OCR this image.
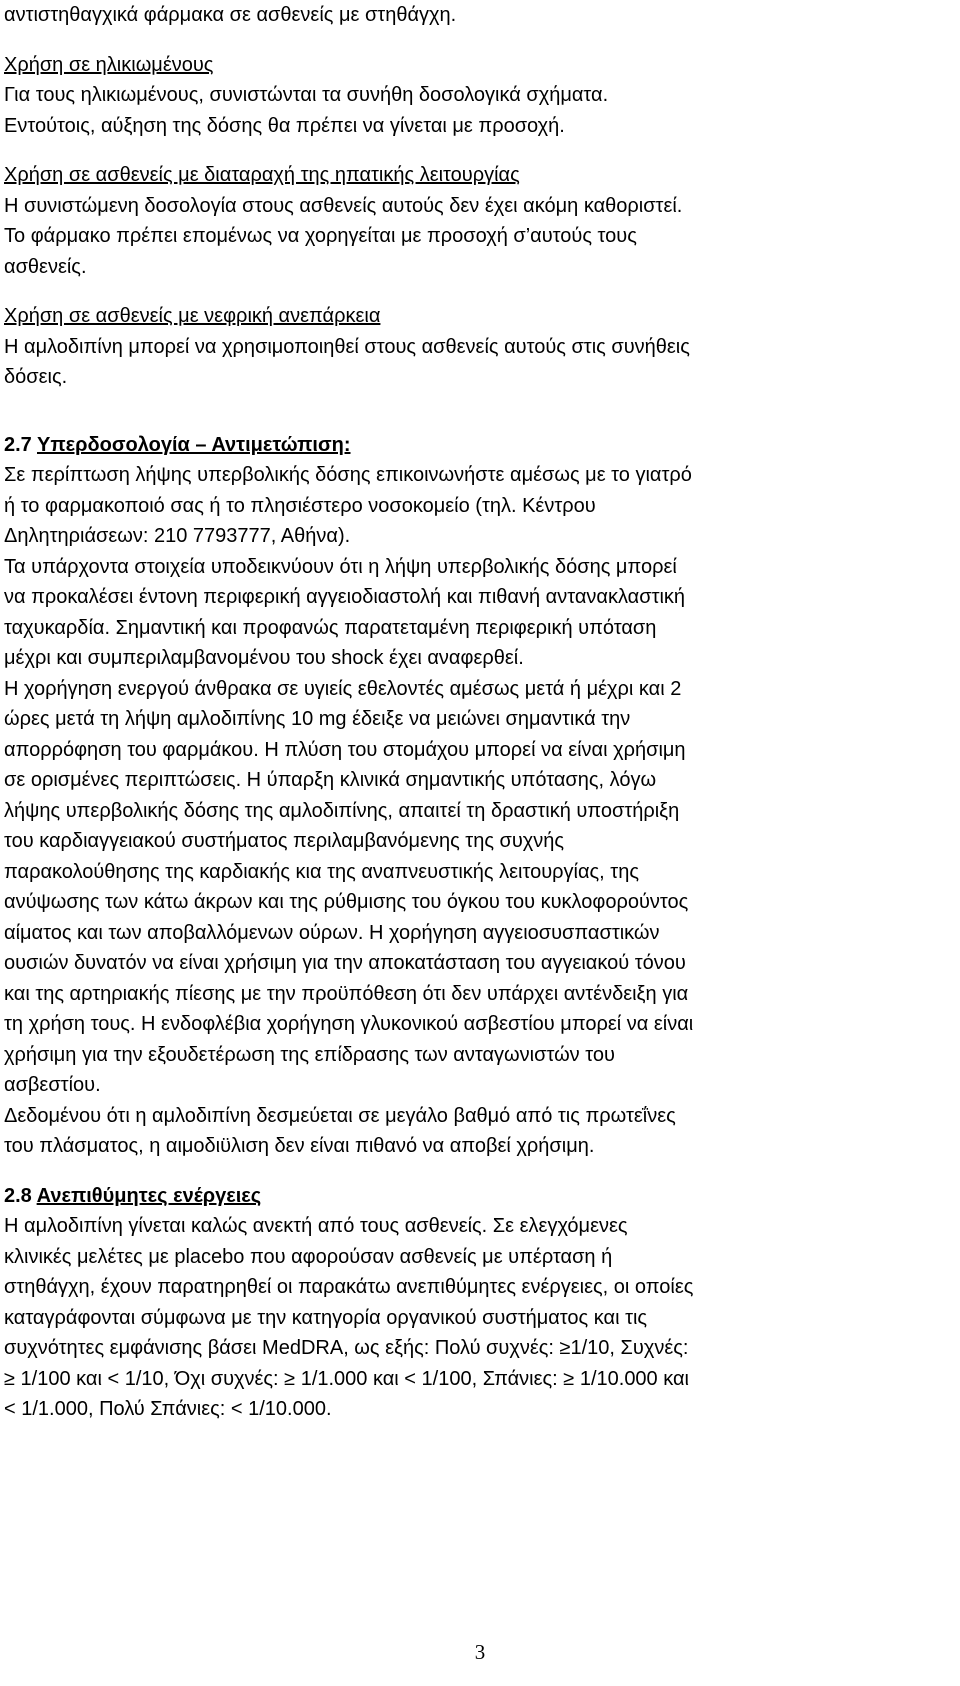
αντιστηθαγχικά φάρμακα σε ασθενείς με στηθάγχη.

Χρήση σε ηλικιωμένους

Για τους ηλικιωμένους, συνιστώνται τα συνήθη δοσολογικά σχήματα.

Εντούτοις, αύξηση της δόσης θα πρέπει να γίνεται με προσοχή.

Χρήση σε ασθενείς με διαταραχή της ηπατικής λειτουργίας

Η συνιστώμενη δοσολογία στους ασθενείς αυτούς δεν έχει ακόμη καθοριστεί.

Το φάρμακο πρέπει επομένως να χορηγείται με προσοχή σ’αυτούς τους

ασθενείς.

Χρήση σε ασθενείς με νεφρική ανεπάρκεια

Η αμλοδιπίνη μπορεί να χρησιμοποιηθεί στους ασθενείς αυτούς στις συνήθεις

δόσεις.

2.7 Υπερδοσολογία – Αντιμετώπιση:

Σε περίπτωση λήψης υπερβολικής δόσης επικοινωνήστε αμέσως με το γιατρό

ή το φαρμακοποιό σας ή το πλησιέστερο νοσοκομείο (τηλ. Κέντρου

Δηλητηριάσεων: 210 7793777, Αθήνα).

Τα υπάρχοντα στοιχεία υποδεικνύουν ότι η λήψη υπερβολικής δόσης μπορεί

να προκαλέσει έντονη περιφερική αγγειοδιαστολή και πιθανή αντανακλαστική

ταχυκαρδία. Σημαντική και προφανώς παρατεταμένη περιφερική υπόταση

μέχρι και συμπεριλαμβανομένου του shock έχει αναφερθεί.

Η χορήγηση ενεργού άνθρακα σε υγιείς εθελοντές αμέσως μετά ή μέχρι και 2

ώρες μετά τη λήψη αμλοδιπίνης 10 mg έδειξε να μειώνει σημαντικά την

απορρόφηση του φαρμάκου. Η πλύση του στομάχου μπορεί να είναι χρήσιμη

σε ορισμένες περιπτώσεις. Η ύπαρξη κλινικά σημαντικής υπότασης, λόγω

λήψης υπερβολικής δόσης της αμλοδιπίνης, απαιτεί τη δραστική υποστήριξη

του καρδιαγγειακού συστήματος περιλαμβανόμενης της συχνής

παρακολούθησης της καρδιακής κια της αναπνευστικής λειτουργίας, της

ανύψωσης των κάτω άκρων και της ρύθμισης του όγκου του κυκλοφορούντος

αίματος και των αποβαλλόμενων ούρων. Η χορήγηση αγγειοσυσπαστικών

ουσιών δυνατόν να είναι χρήσιμη για την αποκατάσταση του αγγειακού τόνου

και της αρτηριακής πίεσης με την προϋπόθεση ότι δεν υπάρχει αντένδειξη για

τη χρήση τους. Η ενδοφλέβια χορήγηση γλυκονικού ασβεστίου μπορεί να είναι

χρήσιμη για την εξουδετέρωση της επίδρασης των ανταγωνιστών του

ασβεστίου.

Δεδομένου ότι η αμλοδιπίνη δεσμεύεται σε μεγάλο βαθμό από τις πρωτεΐνες

του πλάσματος, η αιμοδιϋλιση δεν είναι πιθανό να αποβεί χρήσιμη.

2.8 Ανεπιθύμητες ενέργειες

Η αμλοδιπίνη γίνεται καλώς ανεκτή από τους ασθενείς. Σε ελεγχόμενες

κλινικές μελέτες με placebo που αφορούσαν ασθενείς με υπέρταση ή

στηθάγχη, έχουν παρατηρηθεί οι παρακάτω ανεπιθύμητες ενέργειες, οι οποίες

καταγράφονται σύμφωνα με την κατηγορία οργανικού συστήματος και τις

συχνότητες εμφάνισης βάσει MedDRA, ως εξής: Πολύ συχνές: ≥1/10, Συχνές:

≥ 1/100 και < 1/10, Όχι συχνές: ≥ 1/1.000 και < 1/100, Σπάνιες: ≥ 1/10.000 και

< 1/1.000, Πολύ Σπάνιες: < 1/10.000.

3
